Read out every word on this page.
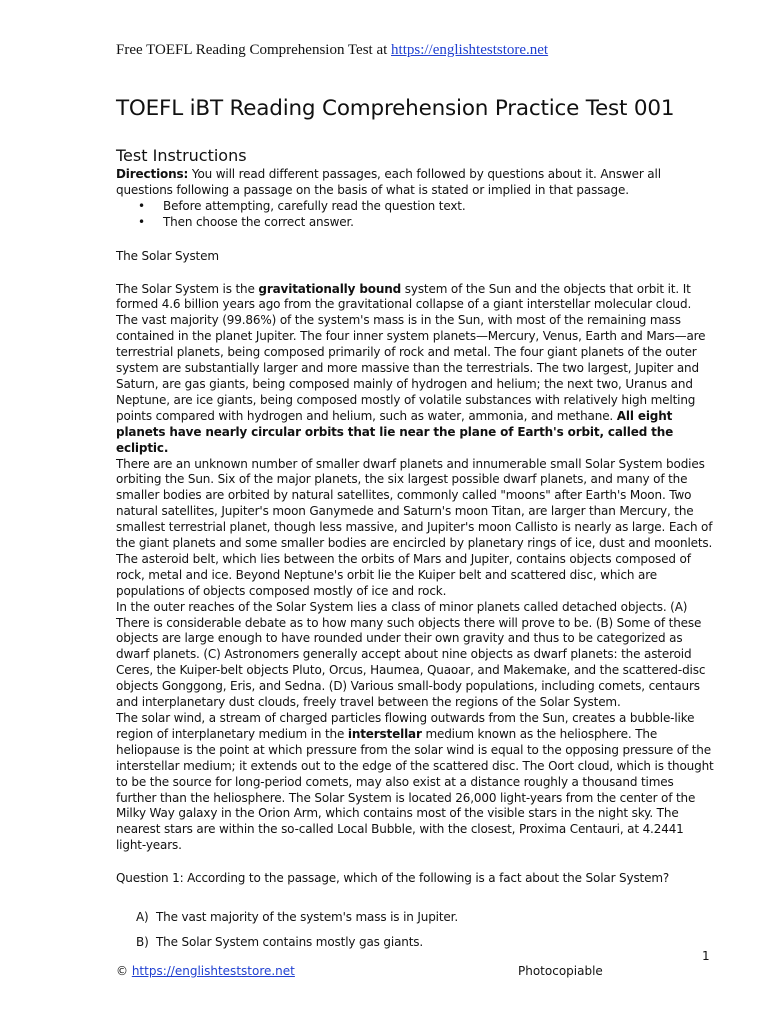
Free TOEFL Reading Comprehension Test at https://englishteststore.net
TOEFL iBT Reading Comprehension Practice Test 001
Test Instructions

Directions: You will read different passages, each followed by questions about it. Answer all questions following a passage on the basis of what is stated or implied in that passage.

• Before attempting, carefully read the question text.
• Then choose the correct answer.

The Solar System

The Solar System is the gravitationally bound system of the Sun and the objects that orbit it. It formed 4.6 billion years ago from the gravitational collapse of a giant interstellar molecular cloud. The vast majority (99.86%) of the system's mass is in the Sun, with most of the remaining mass contained in the planet Jupiter. The four inner system planets—Mercury, Venus, Earth and Mars—are terrestrial planets, being composed primarily of rock and metal. The four giant planets of the outer system are substantially larger and more massive than the terrestrials. The two largest, Jupiter and Saturn, are gas giants, being composed mainly of hydrogen and helium; the next two, Uranus and Neptune, are ice giants, being composed mostly of volatile substances with relatively high melting points compared with hydrogen and helium, such as water, ammonia, and methane. All eight planets have nearly circular orbits that lie near the plane of Earth's orbit, called the ecliptic.

There are an unknown number of smaller dwarf planets and innumerable small Solar System bodies orbiting the Sun. Six of the major planets, the six largest possible dwarf planets, and many of the smaller bodies are orbited by natural satellites, commonly called "moons" after Earth's Moon. Two natural satellites, Jupiter's moon Ganymede and Saturn's moon Titan, are larger than Mercury, the smallest terrestrial planet, though less massive, and Jupiter's moon Callisto is nearly as large. Each of the giant planets and some smaller bodies are encircled by planetary rings of ice, dust and moonlets. The asteroid belt, which lies between the orbits of Mars and Jupiter, contains objects composed of rock, metal and ice. Beyond Neptune's orbit lie the Kuiper belt and scattered disc, which are populations of objects composed mostly of ice and rock.

In the outer reaches of the Solar System lies a class of minor planets called detached objects. (A) There is considerable debate as to how many such objects there will prove to be. (B) Some of these objects are large enough to have rounded under their own gravity and thus to be categorized as dwarf planets. (C) Astronomers generally accept about nine objects as dwarf planets: the asteroid Ceres, the Kuiper-belt objects Pluto, Orcus, Haumea, Quaoar, and Makemake, and the scattered-disc objects Gonggong, Eris, and Sedna. (D) Various small-body populations, including comets, centaurs and interplanetary dust clouds, freely travel between the regions of the Solar System.

The solar wind, a stream of charged particles flowing outwards from the Sun, creates a bubble-like region of interplanetary medium in the interstellar medium known as the heliosphere. The heliopause is the point at which pressure from the solar wind is equal to the opposing pressure of the interstellar medium; it extends out to the edge of the scattered disc. The Oort cloud, which is thought to be the source for long-period comets, may also exist at a distance roughly a thousand times further than the heliosphere. The Solar System is located 26,000 light-years from the center of the Milky Way galaxy in the Orion Arm, which contains most of the visible stars in the night sky. The nearest stars are within the so-called Local Bubble, with the closest, Proxima Centauri, at 4.2441 light-years.

Question 1: According to the passage, which of the following is a fact about the Solar System?

A) The vast majority of the system's mass is in Jupiter.
B) The Solar System contains mostly gas giants.
1
© https://englishteststore.net	Photocopiable
